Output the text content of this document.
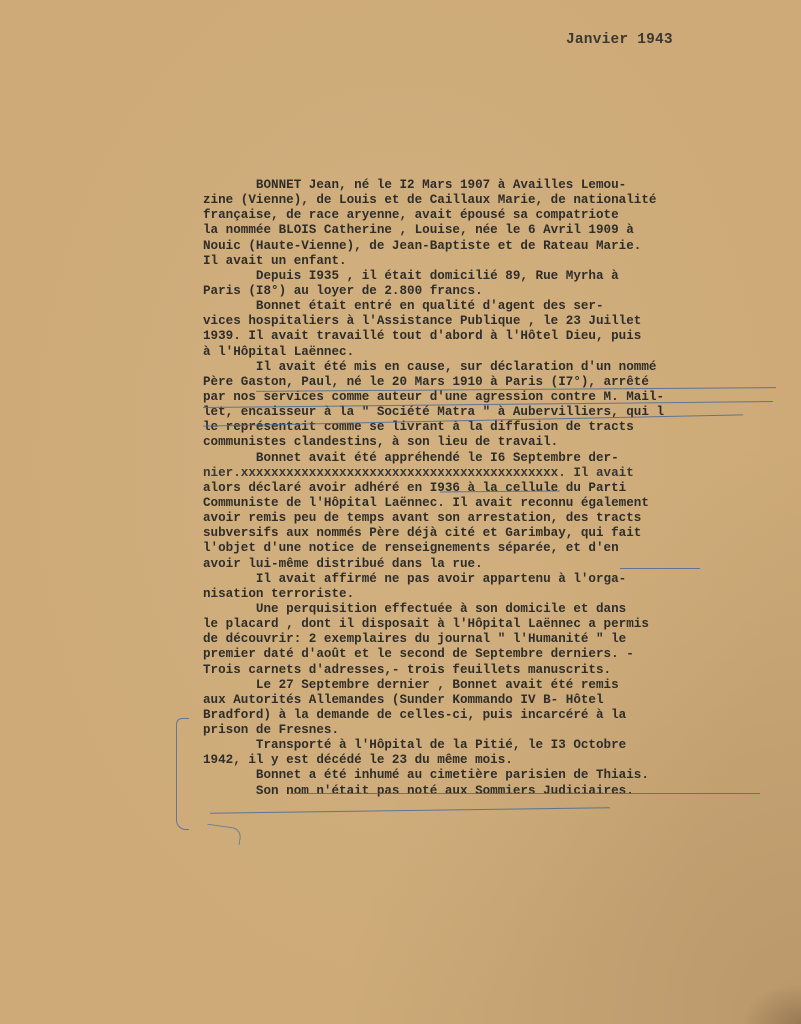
Janvier 1943
BONNET Jean, né le I2 Mars 1907 à Availles Lemou-
zine (Vienne), de Louis et de Caillaux Marie, de nationalité
française, de race aryenne, avait épousé sa compatriote
la nommée BLOIS Catherine , Louise, née le 6 Avril 1909 à
Nouic (Haute-Vienne), de Jean-Baptiste et de Rateau Marie.
Il avait un enfant.
Depuis I935 , il était domicilié 89, Rue Myrha à
Paris (I8°) au loyer de 2.800 francs.
Bonnet était entré en qualité d'agent des ser-
vices hospitaliers à l'Assistance Publique , le 23 Juillet
1939. Il avait travaillé tout d'abord à l'Hôtel Dieu, puis
à l'Hôpital Laënnec.
Il avait été mis en cause, sur déclaration d'un nommé
Père Gaston, Paul, né le 20 Mars 1910 à Paris (I7°), arrêté
par nos services comme auteur d'une agression contre M. Mail-
let, encaisseur à la " Société Matra " à Aubervilliers, qui l
le représentait comme se livrant à la diffusion de tracts
communistes clandestins, à son lieu de travail.
Bonnet avait été appréhendé le I6 Septembre der-
nier.xxxxxxxxxxxxxxxxxxxxxxxxxxxxxxxxxxxxxxxxxx. Il avait
alors déclaré avoir adhéré en I936 à la cellule du Parti
Communiste de l'Hôpital Laënnec. Il avait reconnu également
avoir remis peu de temps avant son arrestation, des tracts
subversifs aux nommés Père déjà cité et Garimbay, qui fait
l'objet d'une notice de renseignements séparée, et d'en
avoir lui-même distribué dans la rue.
Il avait affirmé ne pas avoir appartenu à l'orga-
nisation terroriste.
Une perquisition effectuée à son domicile et dans
le placard , dont il disposait à l'Hôpital Laënnec a permis
de découvrir: 2 exemplaires du journal " l'Humanité " le
premier daté d'août et le second de Septembre derniers. -
Trois carnets d'adresses,- trois feuillets manuscrits.
Le 27 Septembre dernier , Bonnet avait été remis
aux Autorités Allemandes (Sunder Kommando IV B- Hôtel
Bradford) à la demande de celles-ci, puis incarcéré à la
prison de Fresnes.
Transporté à l'Hôpital de la Pitié, le I3 Octobre
1942, il y est décédé le 23 du même mois.
Bonnet a été inhumé au cimetière parisien de Thiais.
Son nom n'était pas noté aux Sommiers Judiciaires.
